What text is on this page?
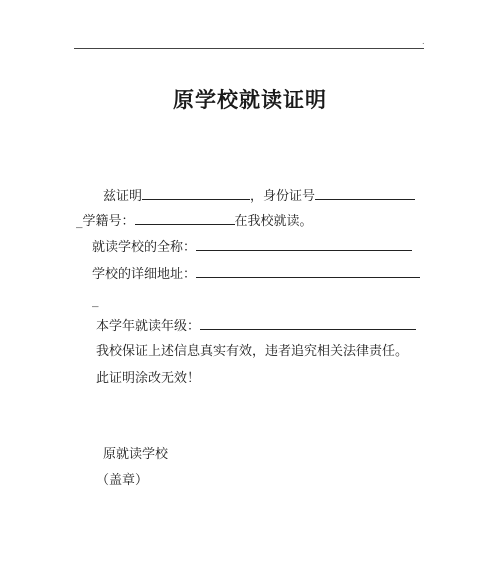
.
原学校就读证明
兹证明	，身份证号
_学籍号：	在我校就读。
就读学校的全称：
学校的详细地址：
_
本学年就读年级：
我校保证上述信息真实有效，违者追究相关法律责任。
此证明涂改无效！
原就读学校
（盖章）
